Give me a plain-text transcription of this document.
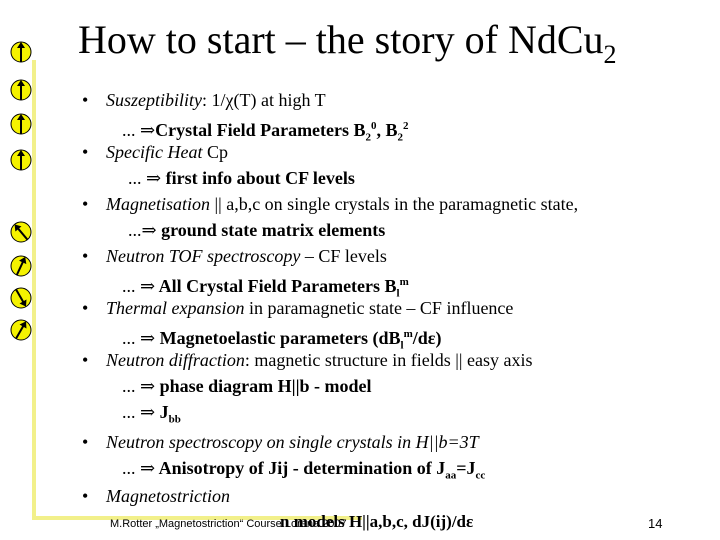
How to start – the story of NdCu$_2$
• Suszeptibility: 1/χ(T) at high T
... ⇒Crystal Field Parameters $B_2^0$, $B_2^2$
• Specific Heat Cp
... ⇒ first info about CF levels
• Magnetisation || a,b,c on single crystals in the paramagnetic state,
...⇒ ground state matrix elements
• Neutron TOF spectroscopy – CF levels
... ⇒ All Crystal Field Parameters $B_l^m$
• Thermal expansion in paramagnetic state – CF influence
... ⇒ Magnetoelastic parameters $(dB_l^m/d\varepsilon)$
• Neutron diffraction: magnetic structure in fields || easy axis
... ⇒ phase diagram H||b - model
... ⇒ $J_{bb}$
• Neutron spectroscopy on single crystals in H||b=3T
... ⇒ Anisotropy of Jij - determination of $J_{aa}=J_{cc}$
• Magnetostriction
n models H||a,b,c, dJ(ij)/dε
M.Rotter „Magnetostriction“ Course Lorena 2007	14
